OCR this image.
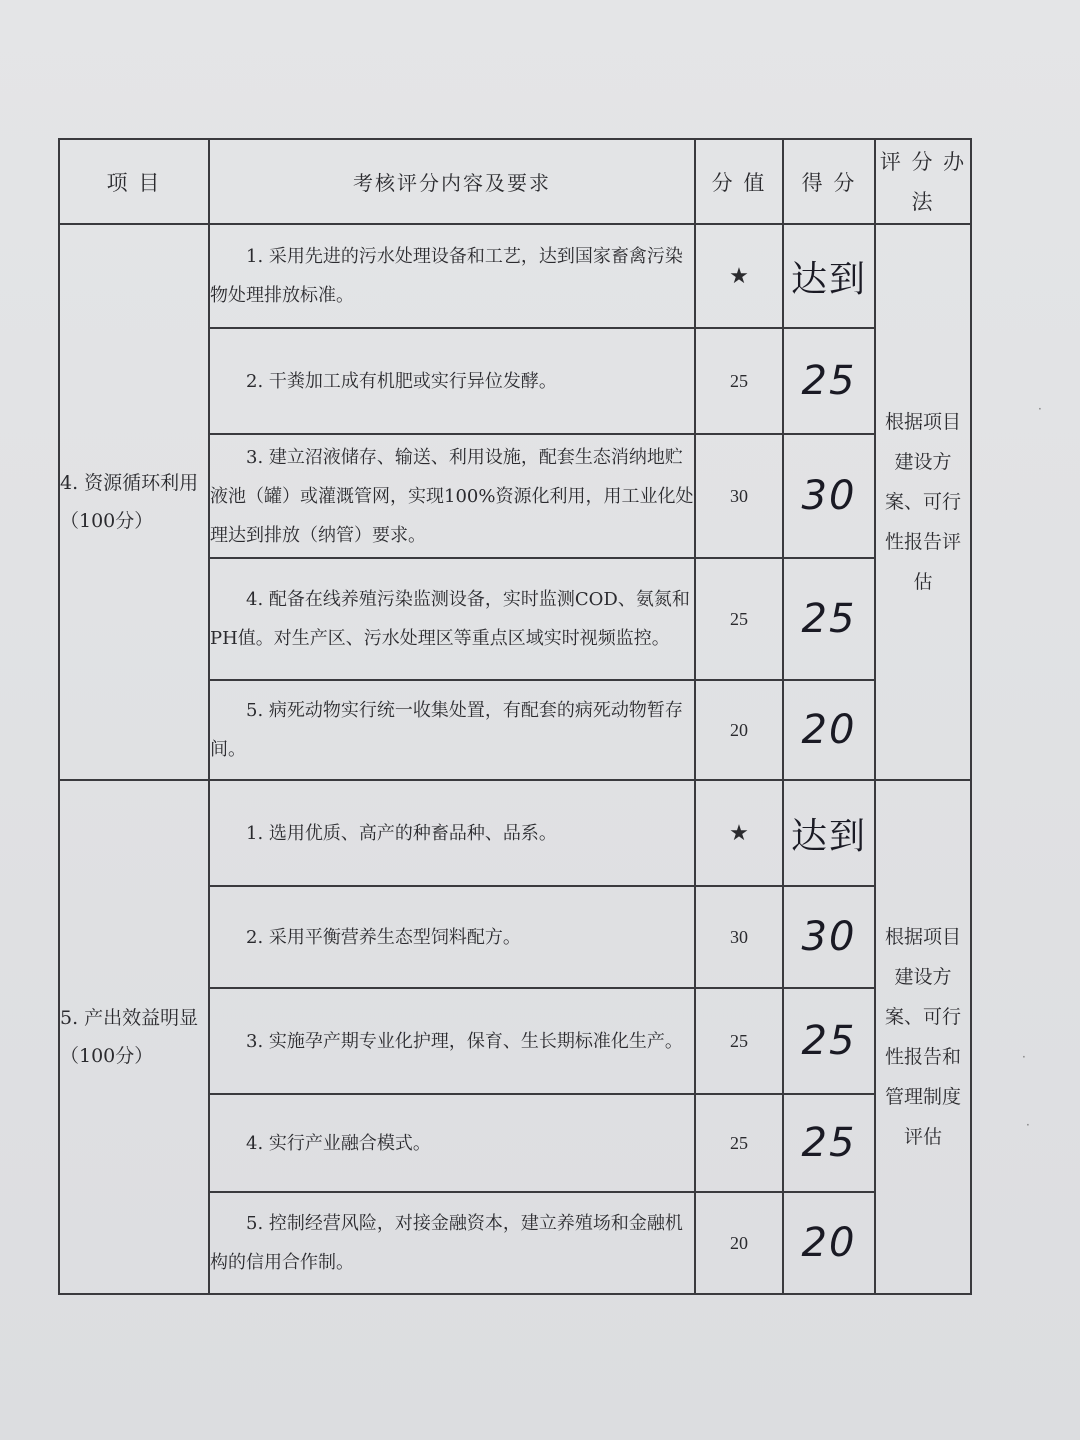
项 目	考核评分内容及要求	分 值	得 分	评 分 办 法
4. 资源循环利用（100分）	1. 采用先进的污水处理设备和工艺，达到国家畜禽污染物处理排放标准。	★	达到	根据项目建设方案、可行性报告评估
	2. 干粪加工成有机肥或实行异位发酵。	25	25	
	3. 建立沼液储存、输送、利用设施，配套生态消纳地贮液池（罐）或灌溉管网，实现100%资源化利用，用工业化处理达到排放（纳管）要求。	30	30	
	4. 配备在线养殖污染监测设备，实时监测COD、氨氮和PH值。对生产区、污水处理区等重点区域实时视频监控。	25	25	
	5. 病死动物实行统一收集处置，有配套的病死动物暂存间。	20	20	
5. 产出效益明显（100分）	1. 选用优质、高产的种畜品种、品系。	★	达到	根据项目建设方案、可行性报告和管理制度评估
	2. 采用平衡营养生态型饲料配方。	30	30	
	3. 实施孕产期专业化护理，保育、生长期标准化生产。	25	25	
	4. 实行产业融合模式。	25	25	
	5. 控制经营风险，对接金融资本，建立养殖场和金融机构的信用合作制。	20	20	
·
·
·
